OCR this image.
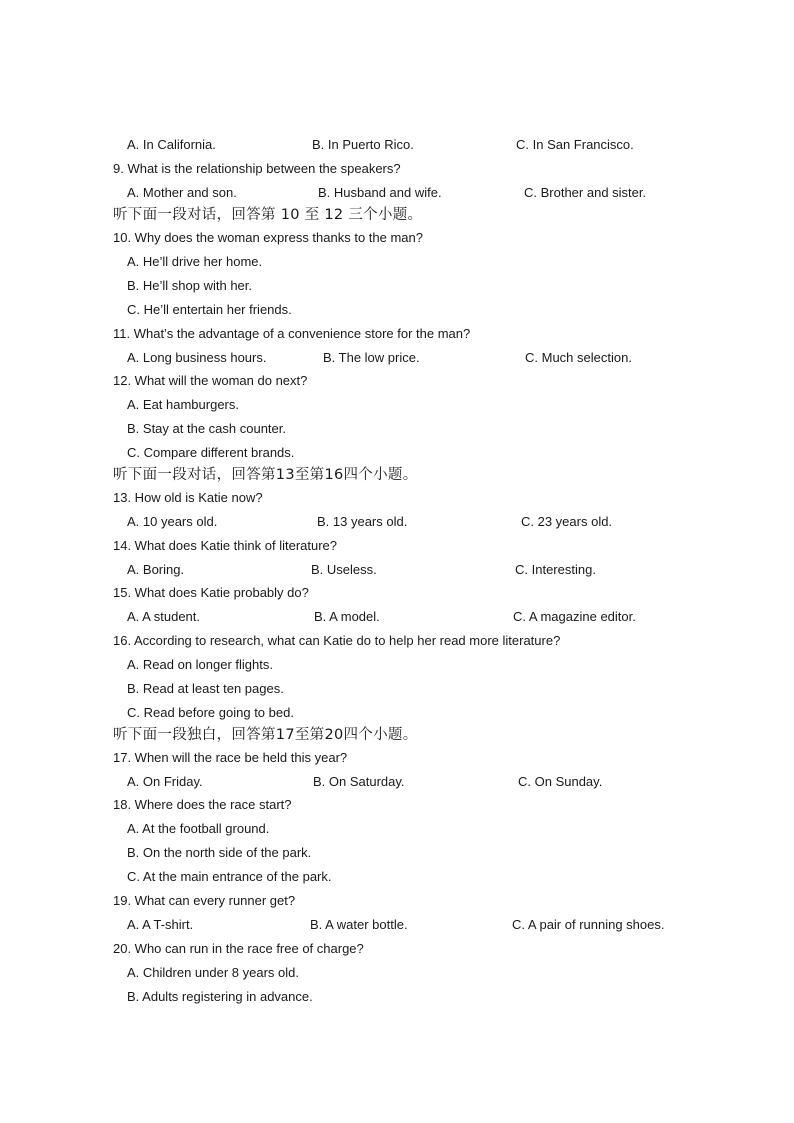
A. In California.	B. In Puerto Rico.	C. In San Francisco.
9. What is the relationship between the speakers?
A. Mother and son.	B. Husband and wife.	C. Brother and sister.
听下面一段对话，回答第 10 至 12 三个小题。
10. Why does the woman express thanks to the man?
A. He’ll drive her home.
B. He’ll shop with her.
C. He’ll entertain her friends.
11. What’s the advantage of a convenience store for the man?
A. Long business hours.	B. The low price.	C. Much selection.
12. What will the woman do next?
A. Eat hamburgers.
B. Stay at the cash counter.
C. Compare different brands.
听下面一段对话，回答第13至第16四个小题。
13. How old is Katie now?
A. 10 years old.	B. 13 years old.	C. 23 years old.
14. What does Katie think of literature?
A. Boring.	B. Useless.	C. Interesting.
15. What does Katie probably do?
A. A student.	B. A model.	C. A magazine editor.
16. According to research, what can Katie do to help her read more literature?
A. Read on longer flights.
B. Read at least ten pages.
C. Read before going to bed.
听下面一段独白，回答第17至第20四个小题。
17. When will the race be held this year?
A. On Friday.	B. On Saturday.	C. On Sunday.
18. Where does the race start?
A. At the football ground.
B. On the north side of the park.
C. At the main entrance of the park.
19. What can every runner get?
A. A T-shirt.	B. A water bottle.	C. A pair of running shoes.
20. Who can run in the race free of charge?
A. Children under 8 years old.
B. Adults registering in advance.
